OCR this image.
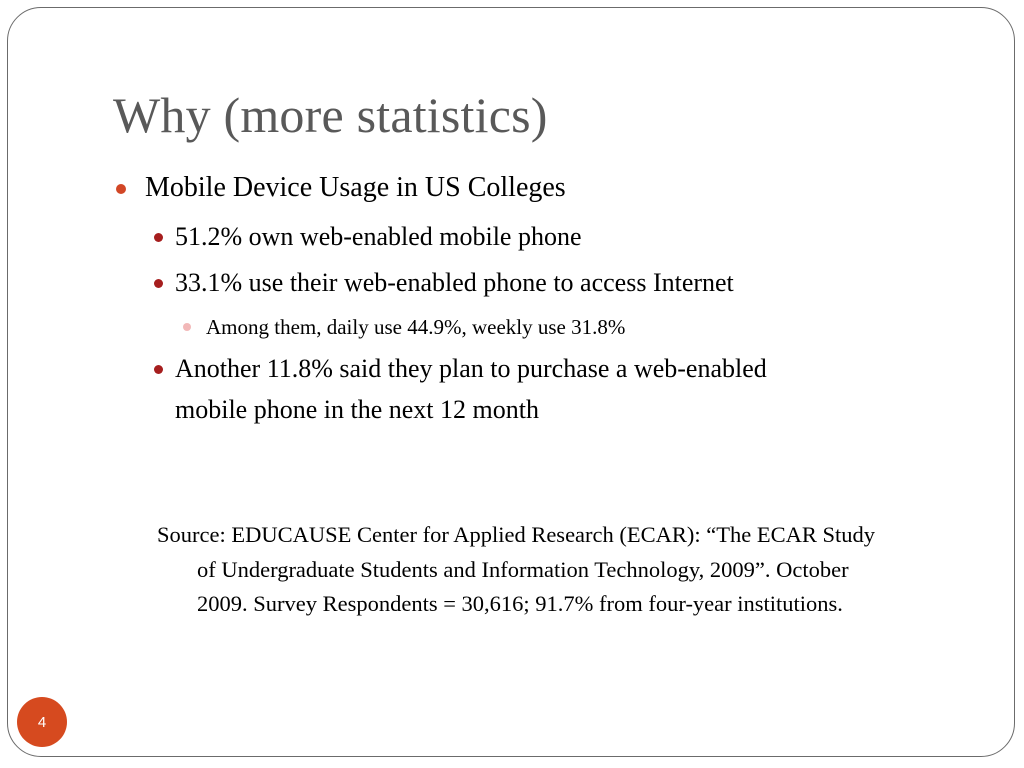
Why (more statistics)
Mobile Device Usage in US Colleges
51.2% own web-enabled mobile phone
33.1% use their web-enabled phone to access Internet
Among them, daily use 44.9%, weekly use 31.8%
Another 11.8% said they plan to purchase a web-enabled
mobile phone in the next 12 month
Source: EDUCAUSE Center for Applied Research (ECAR): “The ECAR Study
of Undergraduate Students and Information Technology, 2009”. October
2009. Survey Respondents = 30,616; 91.7% from four-year institutions.
4
